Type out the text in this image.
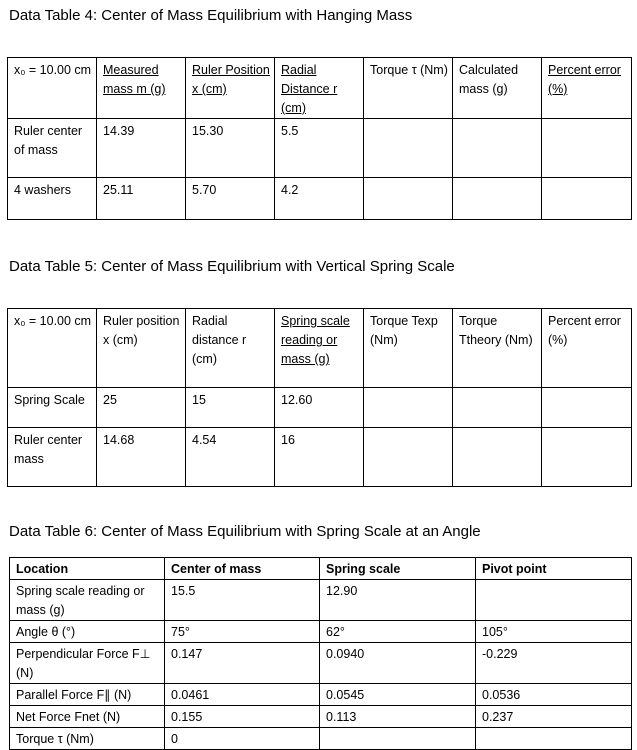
Data Table 4: Center of Mass Equilibrium with Hanging Mass
x₀ = 10.00 cm	Measured mass m (g)	Ruler Position x (cm)	Radial Distance r (cm)	Torque τ (Nm)	Calculated mass (g)	Percent error (%)
Ruler center of mass	14.39	15.30	5.5			
4 washers	25.11	5.70	4.2			
Data Table 5: Center of Mass Equilibrium with Vertical Spring Scale
x₀ = 10.00 cm	Ruler position x (cm)	Radial distance r (cm)	Spring scale reading or mass (g)	Torque Texp (Nm)	Torque Ttheory (Nm)	Percent error (%)
Spring Scale	25	15	12.60			
Ruler center mass	14.68	4.54	16			
Data Table 6: Center of Mass Equilibrium with Spring Scale at an Angle
Location	Center of mass	Spring scale	Pivot point
Spring scale reading or mass (g)	15.5	12.90	
Angle θ (°)	75°	62°	105°
Perpendicular Force F⊥ (N)	0.147	0.0940	-0.229
Parallel Force F∥ (N)	0.0461	0.0545	0.0536
Net Force Fnet (N)	0.155	0.113	0.237
Torque τ (Nm)	0		
